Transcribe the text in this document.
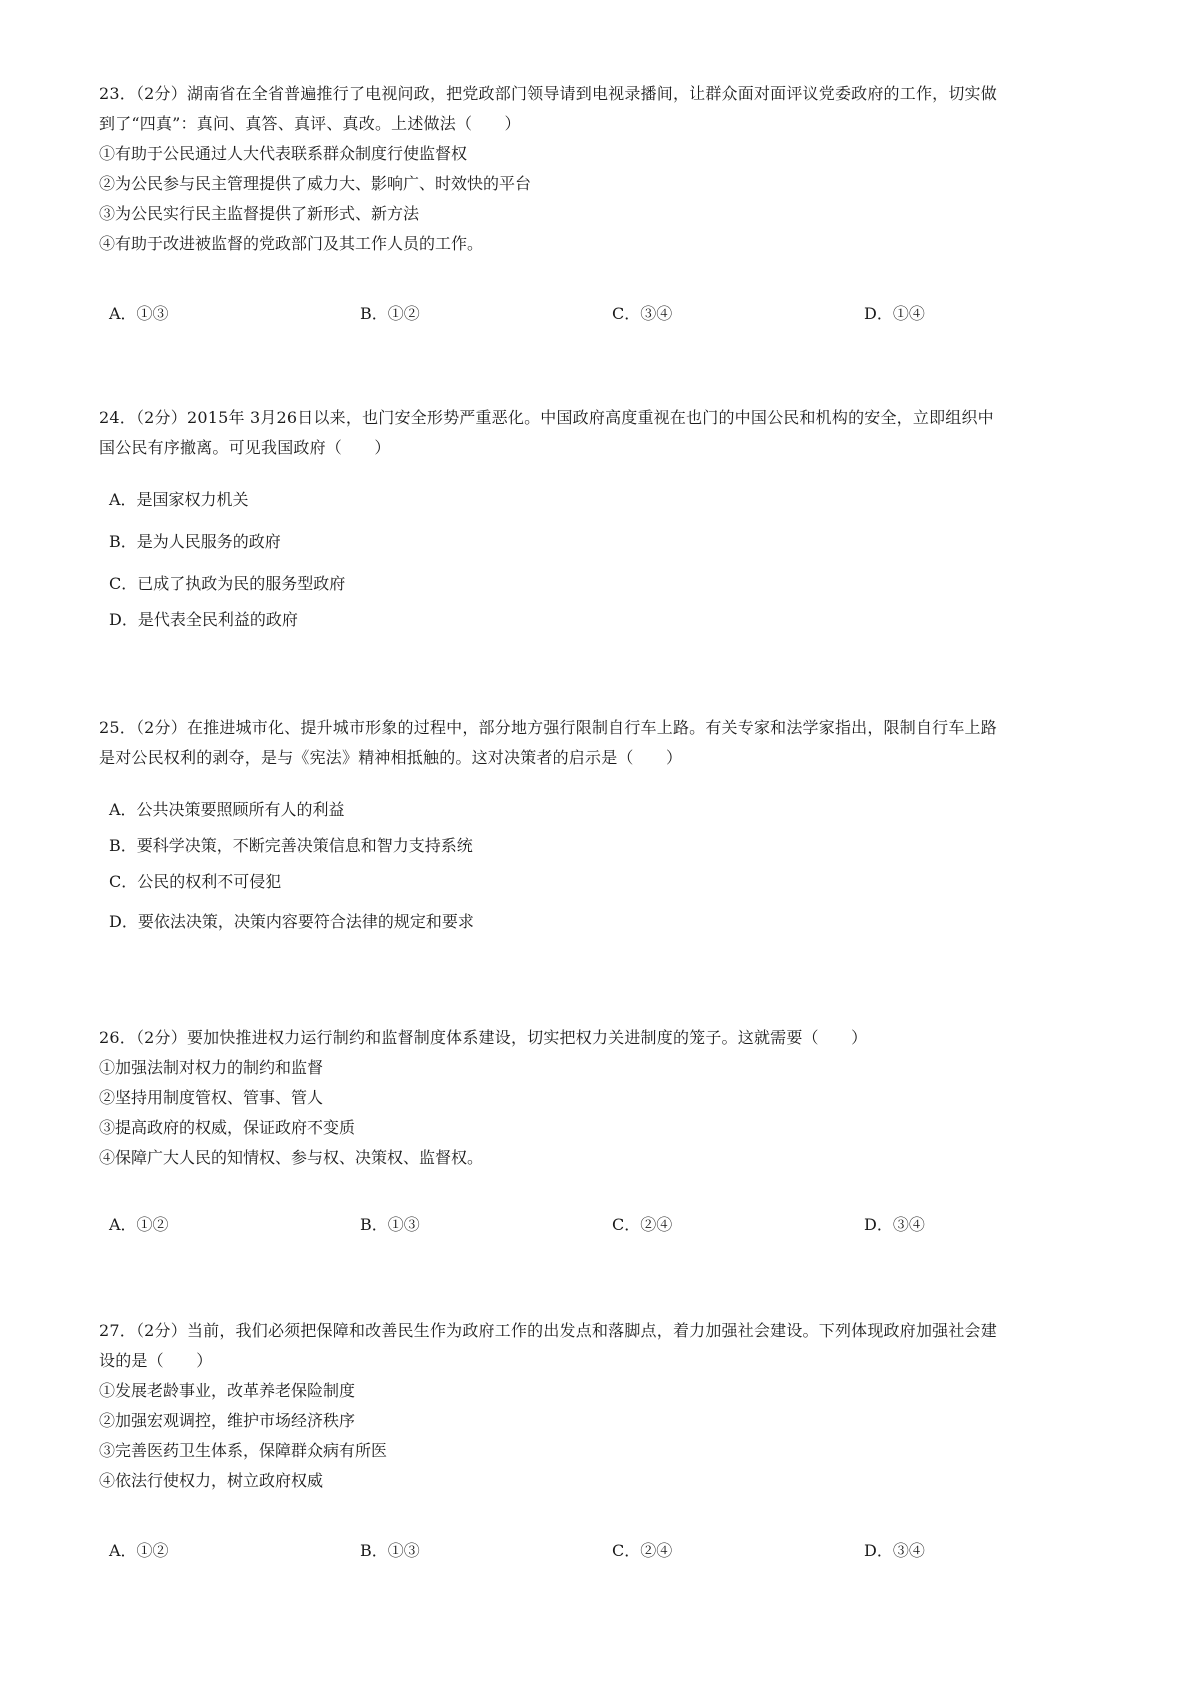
23．（2分）湖南省在全省普遍推行了电视问政，把党政部门领导请到电视录播间，让群众面对面评议党委政府的工作，切实做
到了“四真”：真问、真答、真评、真改。上述做法（　　）
①有助于公民通过人大代表联系群众制度行使监督权
②为公民参与民主管理提供了威力大、影响广、时效快的平台
③为公民实行民主监督提供了新形式、新方法
④有助于改进被监督的党政部门及其工作人员的工作。
A．①③	B．①②	C．③④	D．①④
24．（2分）2015年 3月26日以来，也门安全形势严重恶化。中国政府高度重视在也门的中国公民和机构的安全，立即组织中
国公民有序撤离。可见我国政府（　　）
A．是国家权力机关
B．是为人民服务的政府
C．已成了执政为民的服务型政府
D．是代表全民利益的政府
25．（2分）在推进城市化、提升城市形象的过程中，部分地方强行限制自行车上路。有关专家和法学家指出，限制自行车上路
是对公民权利的剥夺，是与《宪法》精神相抵触的。这对决策者的启示是（　　）
A．公共决策要照顾所有人的利益
B．要科学决策，不断完善决策信息和智力支持系统
C．公民的权利不可侵犯
D．要依法决策，决策内容要符合法律的规定和要求
26．（2分）要加快推进权力运行制约和监督制度体系建设，切实把权力关进制度的笼子。这就需要（　　）
①加强法制对权力的制约和监督
②坚持用制度管权、管事、管人
③提高政府的权威，保证政府不变质
④保障广大人民的知情权、参与权、决策权、监督权。
A．①②	B．①③	C．②④	D．③④
27．（2分）当前，我们必须把保障和改善民生作为政府工作的出发点和落脚点，着力加强社会建设。下列体现政府加强社会建
设的是（　　）
①发展老龄事业，改革养老保险制度
②加强宏观调控，维护市场经济秩序
③完善医药卫生体系，保障群众病有所医
④依法行使权力，树立政府权威
A．①②	B．①③	C．②④	D．③④
